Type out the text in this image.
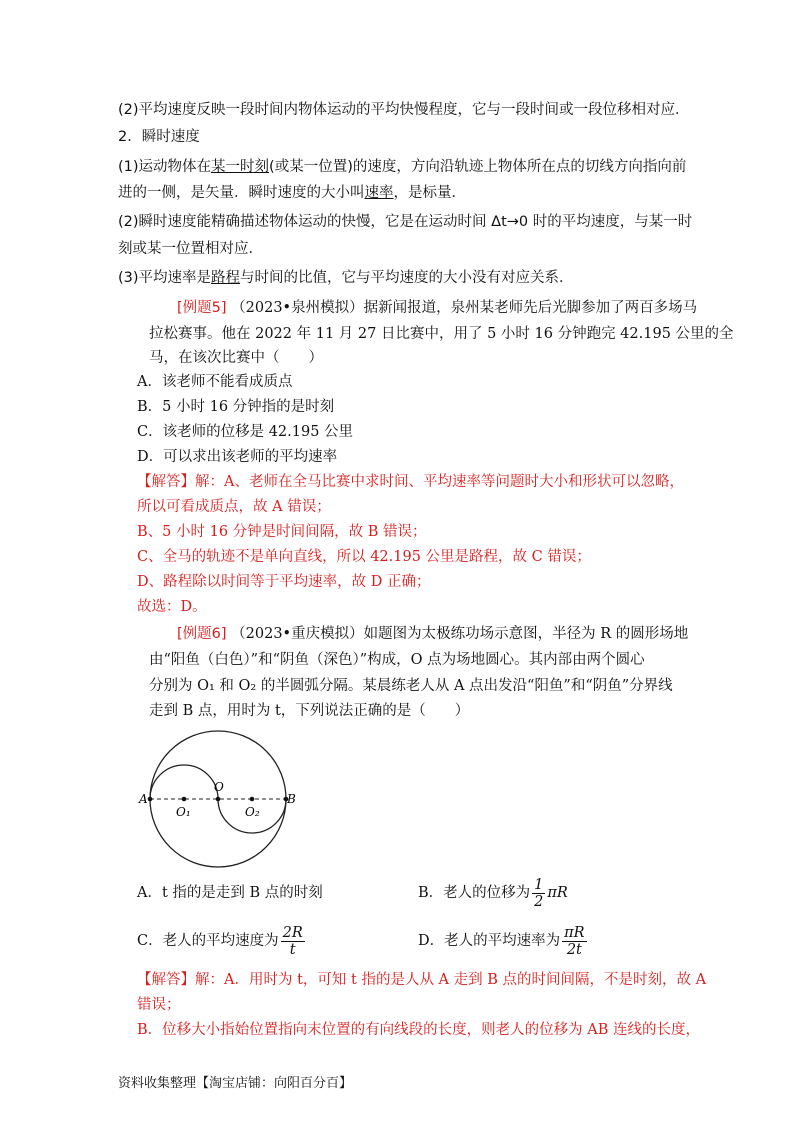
(2)平均速度反映一段时间内物体运动的平均快慢程度，它与一段时间或一段位移相对应．
2．瞬时速度
(1)运动物体在某一时刻(或某一位置)的速度，方向沿轨迹上物体所在点的切线方向指向前
进的一侧，是矢量．瞬时速度的大小叫速率，是标量．
(2)瞬时速度能精确描述物体运动的快慢，它是在运动时间 Δt→0 时的平均速度，与某一时
刻或某一位置相对应．
(3)平均速率是路程与时间的比值，它与平均速度的大小没有对应关系．
[例题5] （2023•泉州模拟）据新闻报道，泉州某老师先后光脚参加了两百多场马
拉松赛事。他在 2022 年 11 月 27 日比赛中，用了 5 小时 16 分钟跑完 42.195 公里的全
马，在该次比赛中（　　）
A．该老师不能看成质点
B．5 小时 16 分钟指的是时刻
C．该老师的位移是 42.195 公里
D．可以求出该老师的平均速率
【解答】解：A、老师在全马比赛中求时间、平均速率等问题时大小和形状可以忽略，
所以可看成质点，故 A 错误；
B、5 小时 16 分钟是时间间隔，故 B 错误；
C、全马的轨迹不是单向直线，所以 42.195 公里是路程，故 C 错误；
D、路程除以时间等于平均速率，故 D 正确；
故选：D。
[例题6] （2023•重庆模拟）如题图为太极练功场示意图，半径为 R 的圆形场地
由“阳鱼（白色）”和“阴鱼（深色）”构成，O 点为场地圆心。其内部由两个圆心
分别为 O₁ 和 O₂ 的半圆弧分隔。某晨练老人从 A 点出发沿“阳鱼”和“阴鱼”分界线
走到 B 点，用时为 t，下列说法正确的是（　　）
A
O₁
O
O₂
B
A．t 指的是走到 B 点的时刻	B．老人的位移为 $\frac{1}{2}$ πR
C．老人的平均速度为 $\frac{2R}{t}$	D．老人的平均速率为 $\frac{\pi R}{2t}$
【解答】解：A．用时为 t，可知 t 指的是人从 A 走到 B 点的时间间隔，不是时刻，故 A
错误；
B．位移大小指始位置指向末位置的有向线段的长度，则老人的位移为 AB 连线的长度，
资料收集整理【淘宝店铺：向阳百分百】
